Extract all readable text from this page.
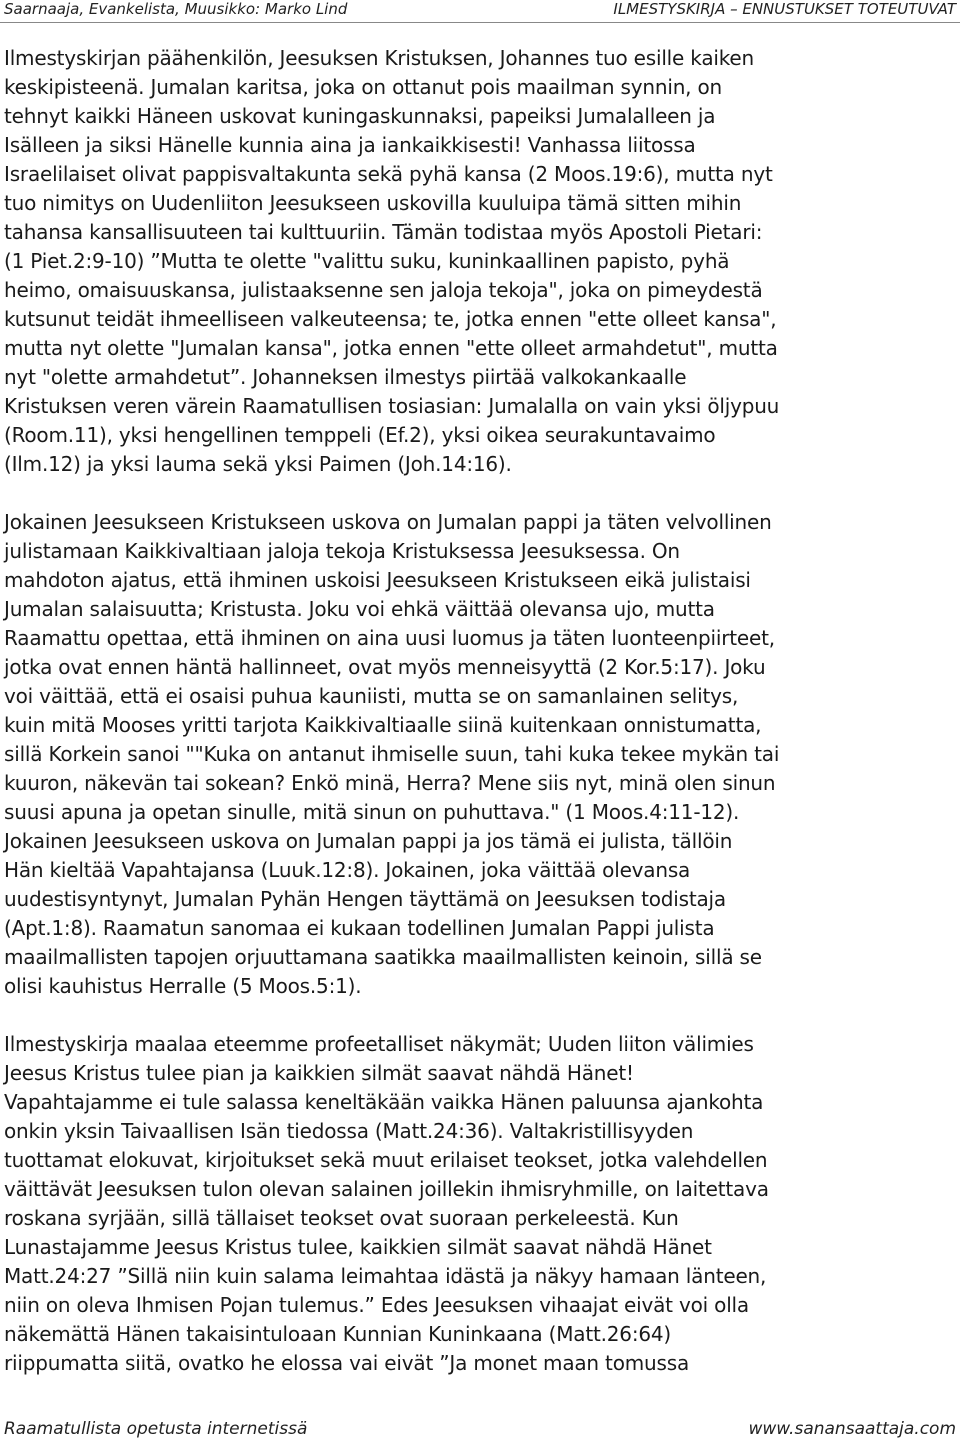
Saarnaaja, Evankelista, Muusikko: Marko Lind	ILMESTYSKIRJA – ENNUSTUKSET TOTEUTUVAT

Ilmestyskirjan päähenkilön, Jeesuksen Kristuksen, Johannes tuo esille kaiken
keskipisteenä. Jumalan karitsa, joka on ottanut pois maailman synnin, on
tehnyt kaikki Häneen uskovat kuningaskunnaksi, papeiksi Jumalalleen ja
Isälleen ja siksi Hänelle kunnia aina ja iankaikkisesti! Vanhassa liitossa
Israelilaiset olivat pappisvaltakunta sekä pyhä kansa (2 Moos.19:6), mutta nyt
tuo nimitys on Uudenliiton Jeesukseen uskovilla kuuluipa tämä sitten mihin
tahansa kansallisuuteen tai kulttuuriin. Tämän todistaa myös Apostoli Pietari:
(1 Piet.2:9-10) ”Mutta te olette "valittu suku, kuninkaallinen papisto, pyhä
heimo, omaisuuskansa, julistaaksenne sen jaloja tekoja", joka on pimeydestä
kutsunut teidät ihmeelliseen valkeuteensa; te, jotka ennen "ette olleet kansa",
mutta nyt olette "Jumalan kansa", jotka ennen "ette olleet armahdetut", mutta
nyt "olette armahdetut”. Johanneksen ilmestys piirtää valkokankaalle
Kristuksen veren värein Raamatullisen tosiasian: Jumalalla on vain yksi öljypuu
(Room.11), yksi hengellinen temppeli (Ef.2), yksi oikea seurakuntavaimo
(Ilm.12) ja yksi lauma sekä yksi Paimen (Joh.14:16).

Jokainen Jeesukseen Kristukseen uskova on Jumalan pappi ja täten velvollinen
julistamaan Kaikkivaltiaan jaloja tekoja Kristuksessa Jeesuksessa. On
mahdoton ajatus, että ihminen uskoisi Jeesukseen Kristukseen eikä julistaisi
Jumalan salaisuutta; Kristusta. Joku voi ehkä väittää olevansa ujo, mutta
Raamattu opettaa, että ihminen on aina uusi luomus ja täten luonteenpiirteet,
jotka ovat ennen häntä hallinneet, ovat myös menneisyyttä (2 Kor.5:17). Joku
voi väittää, että ei osaisi puhua kauniisti, mutta se on samanlainen selitys,
kuin mitä Mooses yritti tarjota Kaikkivaltiaalle siinä kuitenkaan onnistumatta,
sillä Korkein sanoi ""Kuka on antanut ihmiselle suun, tahi kuka tekee mykän tai
kuuron, näkevän tai sokean? Enkö minä, Herra? Mene siis nyt, minä olen sinun
suusi apuna ja opetan sinulle, mitä sinun on puhuttava." (1 Moos.4:11-12).
Jokainen Jeesukseen uskova on Jumalan pappi ja jos tämä ei julista, tällöin
Hän kieltää Vapahtajansa (Luuk.12:8). Jokainen, joka väittää olevansa
uudestisyntynyt, Jumalan Pyhän Hengen täyttämä on Jeesuksen todistaja
(Apt.1:8). Raamatun sanomaa ei kukaan todellinen Jumalan Pappi julista
maailmallisten tapojen orjuuttamana saatikka maailmallisten keinoin, sillä se
olisi kauhistus Herralle (5 Moos.5:1).

Ilmestyskirja maalaa eteemme profeetalliset näkymät; Uuden liiton välimies
Jeesus Kristus tulee pian ja kaikkien silmät saavat nähdä Hänet!
Vapahtajamme ei tule salassa keneltäkään vaikka Hänen paluunsa ajankohta
onkin yksin Taivaallisen Isän tiedossa (Matt.24:36). Valtakristillisyyden
tuottamat elokuvat, kirjoitukset sekä muut erilaiset teokset, jotka valehdellen
väittävät Jeesuksen tulon olevan salainen joillekin ihmisryhmille, on laitettava
roskana syrjään, sillä tällaiset teokset ovat suoraan perkeleestä. Kun
Lunastajamme Jeesus Kristus tulee, kaikkien silmät saavat nähdä Hänet
Matt.24:27 ”Sillä niin kuin salama leimahtaa idästä ja näkyy hamaan länteen,
niin on oleva Ihmisen Pojan tulemus.” Edes Jeesuksen vihaajat eivät voi olla
näkemättä Hänen takaisintuloaan Kunnian Kuninkaana (Matt.26:64)
riippumatta siitä, ovatko he elossa vai eivät ”Ja monet maan tomussa

Raamatullista opetusta internetissä	www.sanansaattaja.com
